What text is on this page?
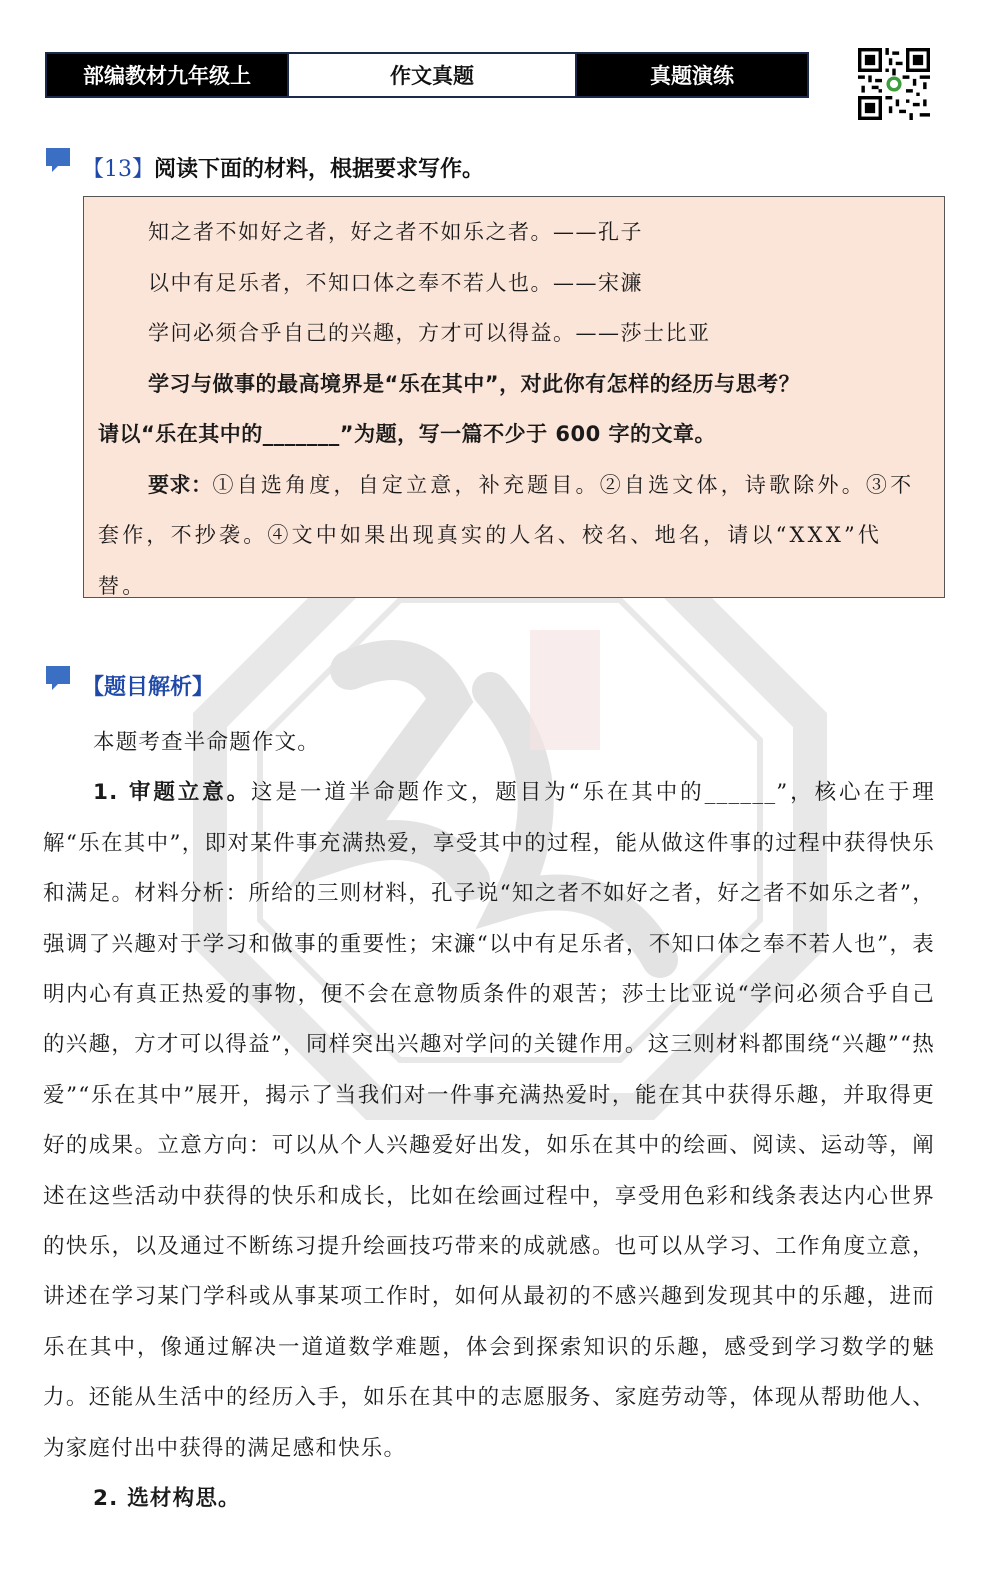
部编教材九年级上	作文真题	真题演练
【13】阅读下面的材料，根据要求写作。

知之者不如好之者，好之者不如乐之者。——孔子

以中有足乐者，不知口体之奉不若人也。——宋濂

学问必须合乎自己的兴趣，方才可以得益。——莎士比亚

学习与做事的最高境界是“乐在其中”，对此你有怎样的经历与思考？

请以“乐在其中的_______”为题，写一篇不少于 600 字的文章。

要求：①自选角度，自定立意，补充题目。②自选文体，诗歌除外。③不套作，不抄袭。④文中如果出现真实的人名、校名、地名，请以“XXX”代替。

【题目解析】

本题考查半命题作文。

1. 审题立意。这是一道半命题作文，题目为“乐在其中的______”，核心在于理解“乐在其中”，即对某件事充满热爱，享受其中的过程，能从做这件事的过程中获得快乐和满足。材料分析：所给的三则材料，孔子说“知之者不如好之者，好之者不如乐之者”，强调了兴趣对于学习和做事的重要性；宋濂“以中有足乐者，不知口体之奉不若人也”，表明内心有真正热爱的事物，便不会在意物质条件的艰苦；莎士比亚说“学问必须合乎自己的兴趣，方才可以得益”，同样突出兴趣对学问的关键作用。这三则材料都围绕“兴趣”“热爱”“乐在其中”展开，揭示了当我们对一件事充满热爱时，能在其中获得乐趣，并取得更好的成果。立意方向：可以从个人兴趣爱好出发，如乐在其中的绘画、阅读、运动等，阐述在这些活动中获得的快乐和成长，比如在绘画过程中，享受用色彩和线条表达内心世界的快乐，以及通过不断练习提升绘画技巧带来的成就感。也可以从学习、工作角度立意，讲述在学习某门学科或从事某项工作时，如何从最初的不感兴趣到发现其中的乐趣，进而乐在其中，像通过解决一道道数学难题，体会到探索知识的乐趣，感受到学习数学的魅力。还能从生活中的经历入手，如乐在其中的志愿服务、家庭劳动等，体现从帮助他人、为家庭付出中获得的满足感和快乐。

2. 选材构思。
